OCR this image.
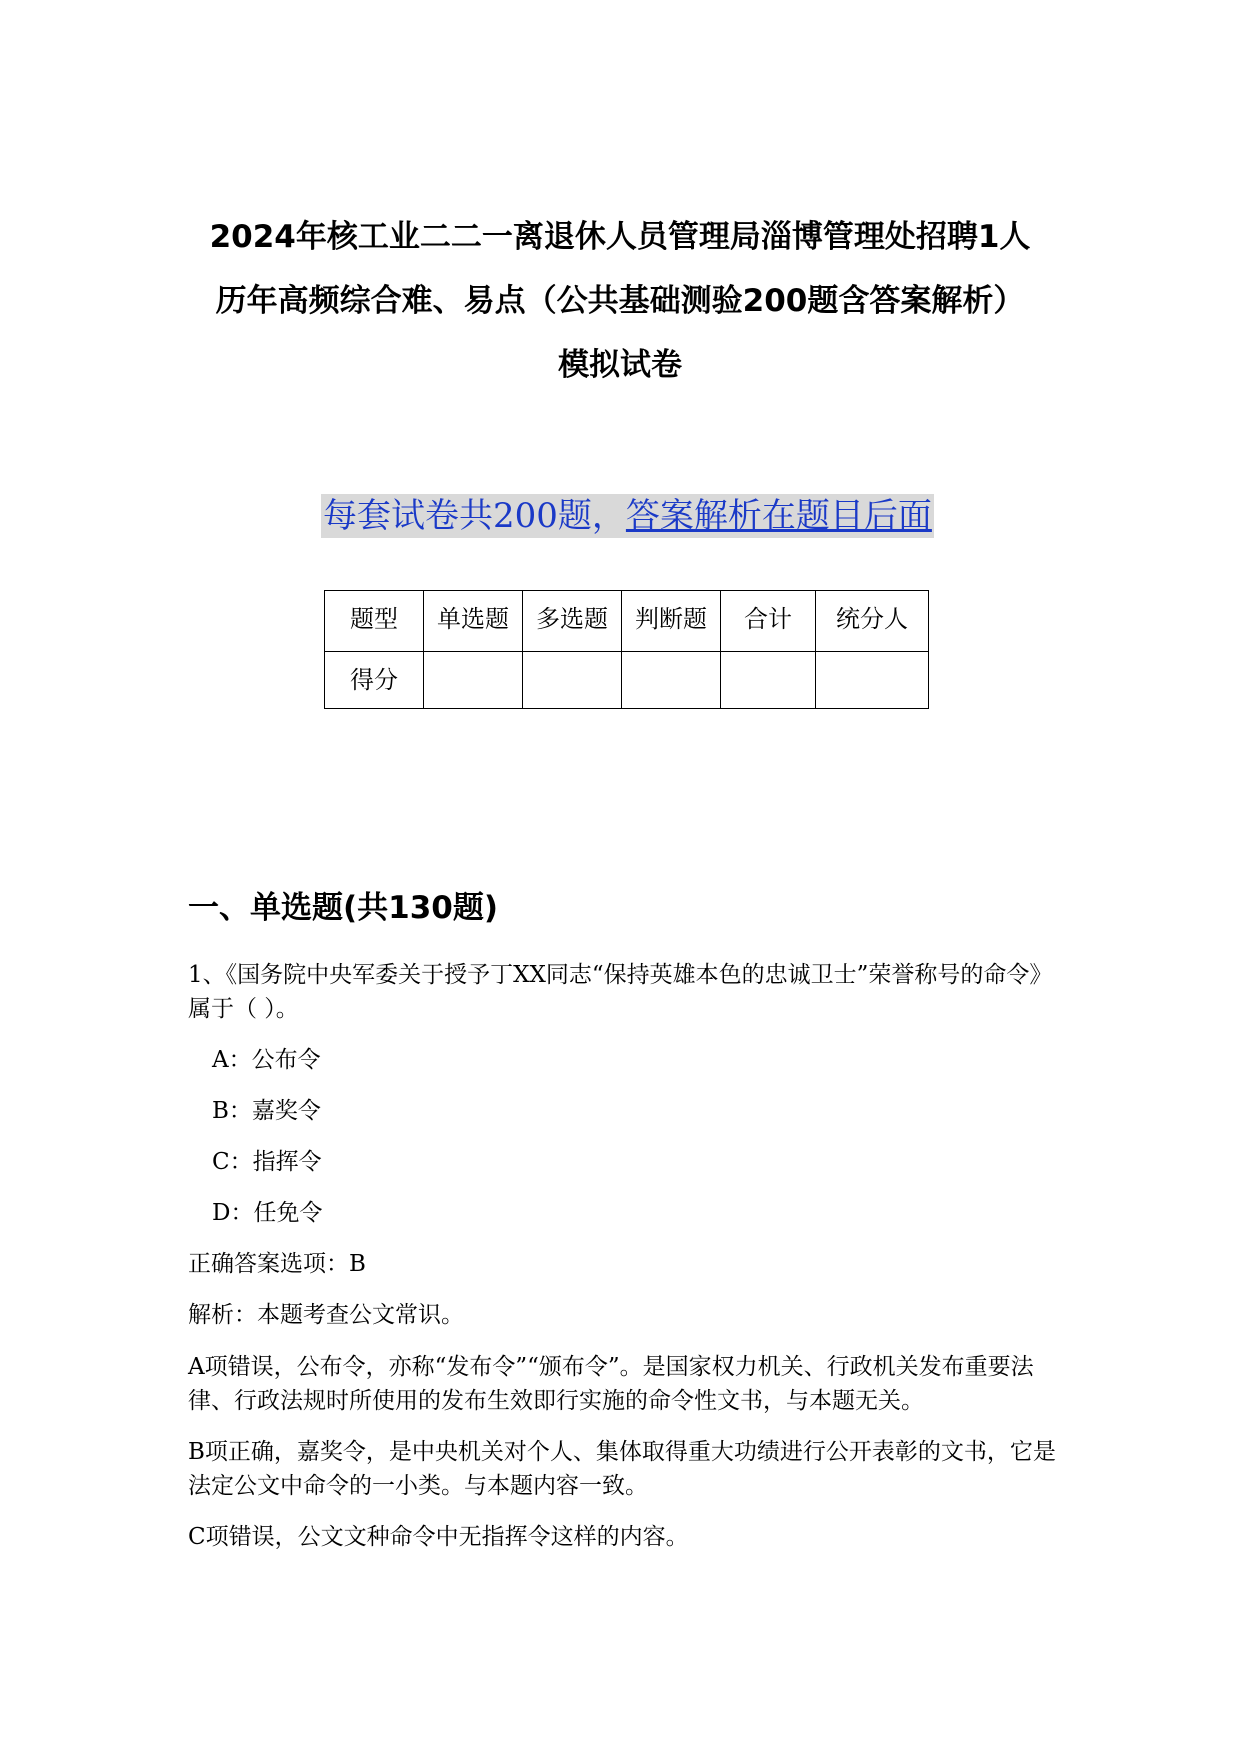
2024年核工业二二一离退休人员管理局淄博管理处招聘1人
历年高频综合难、易点（公共基础测验200题含答案解析）
模拟试卷
每套试卷共200题，答案解析在题目后面
题型	单选题	多选题	判断题	合计	统分人
得分					
一、单选题(共130题)
1、《国务院中央军委关于授予丁XX同志“保持英雄本色的忠诚卫士”荣誉称号的命令》属于（ ）。
A：公布令
B：嘉奖令
C：指挥令
D：任免令
正确答案选项：B
解析：本题考查公文常识。
A项错误，公布令，亦称“发布令”“颁布令”。是国家权力机关、行政机关发布重要法律、行政法规时所使用的发布生效即行实施的命令性文书，与本题无关。
B项正确，嘉奖令，是中央机关对个人、集体取得重大功绩进行公开表彰的文书，它是法定公文中命令的一小类。与本题内容一致。
C项错误，公文文种命令中无指挥令这样的内容。
